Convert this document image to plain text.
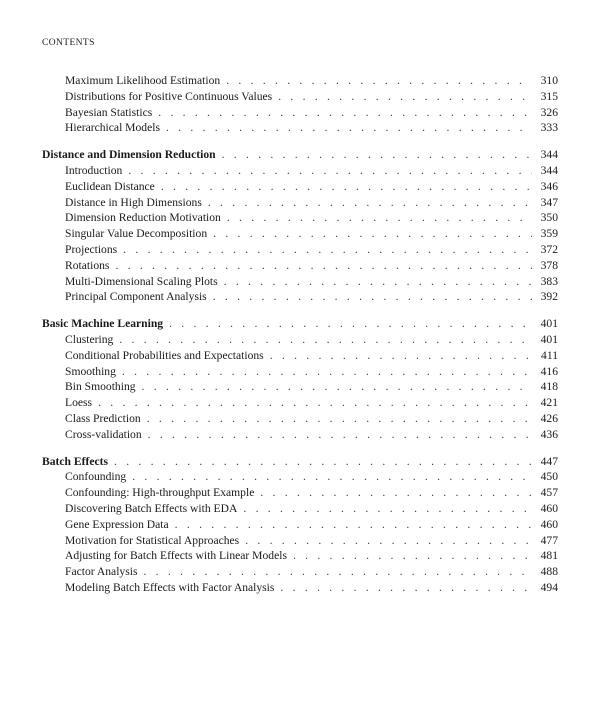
CONTENTS
Maximum Likelihood Estimation . . .	310
Distributions for Positive Continuous Values . . .	315
Bayesian Statistics . . .	326
Hierarchical Models . . .	333
Distance and Dimension Reduction . . .	344
Introduction . . .	344
Euclidean Distance . . .	346
Distance in High Dimensions . . .	347
Dimension Reduction Motivation . . .	350
Singular Value Decomposition . . .	359
Projections . . .	372
Rotations . . .	378
Multi-Dimensional Scaling Plots . . .	383
Principal Component Analysis . . .	392
Basic Machine Learning . . .	401
Clustering . . .	401
Conditional Probabilities and Expectations . . .	411
Smoothing . . .	416
Bin Smoothing . . .	418
Loess . . .	421
Class Prediction . . .	426
Cross-validation . . .	436
Batch Effects . . .	447
Confounding . . .	450
Confounding: High-throughput Example . . .	457
Discovering Batch Effects with EDA . . .	460
Gene Expression Data . . .	460
Motivation for Statistical Approaches . . .	477
Adjusting for Batch Effects with Linear Models . . .	481
Factor Analysis . . .	488
Modeling Batch Effects with Factor Analysis . . .	494
